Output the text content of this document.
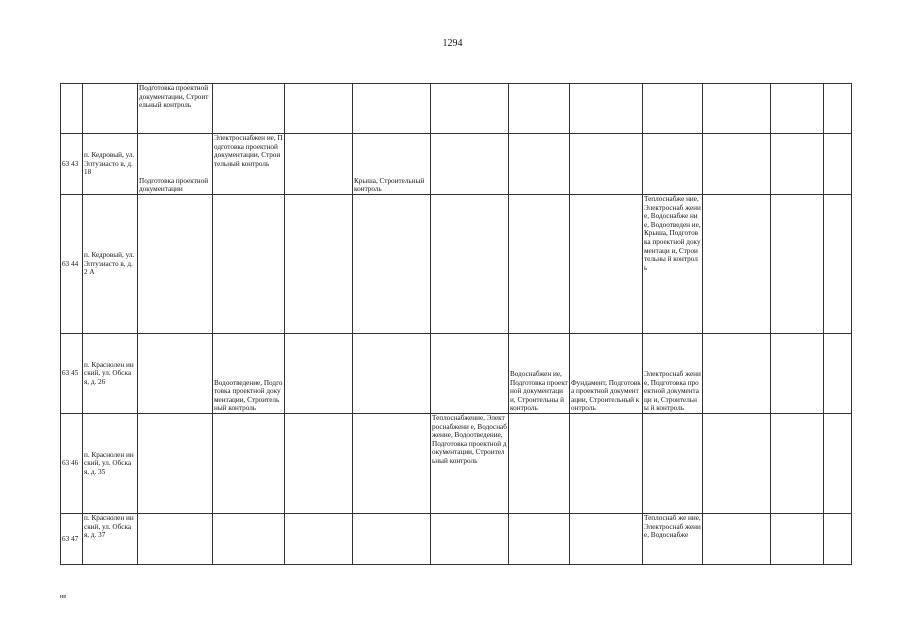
1294
		Подготовка проектной документации, Строительный контроль										
63 43	п. Кедровый, ул. Элтузиасто в, д. 18	Подготовка проектной документации	Электроснабжен ие, Подготовка проектной документации, Строительный контроль		Крыша, Строительный контроль							
63 44	п. Кедровый, ул. Элтузиасто в, д. 2 А								Теплоснабже ние, Электроснаб жение, Водоснабже ние, Водоотведен ие, Крыша, Подготовка проектной документаци и, Строительны й контроль			
63 45	п. Краснолен инский, ул. Обская, д. 26		Водоотведение, Подготовка проектной документации, Строительный контроль				Водоснабжен ие, Подготовка проектной документаци и, Строительны й контроль	Фундамент, Подготовка проектной документации, Строительный контроль	Электроснаб жение, Подготовка проектной документаци и, Строительны й контроль			
63 46	п. Краснолен инский, ул. Обская, д. 35					Теплоснабжение, Электроснабжени е, Водоснабжение, Водоотведение, Подготовка проектной документации, Строительный контроль						
63 47	п. Краснолен инский, ул. Обская, д. 37								Теплоснаб же ние, Электроснаб жение, Водоснабже			
нв
